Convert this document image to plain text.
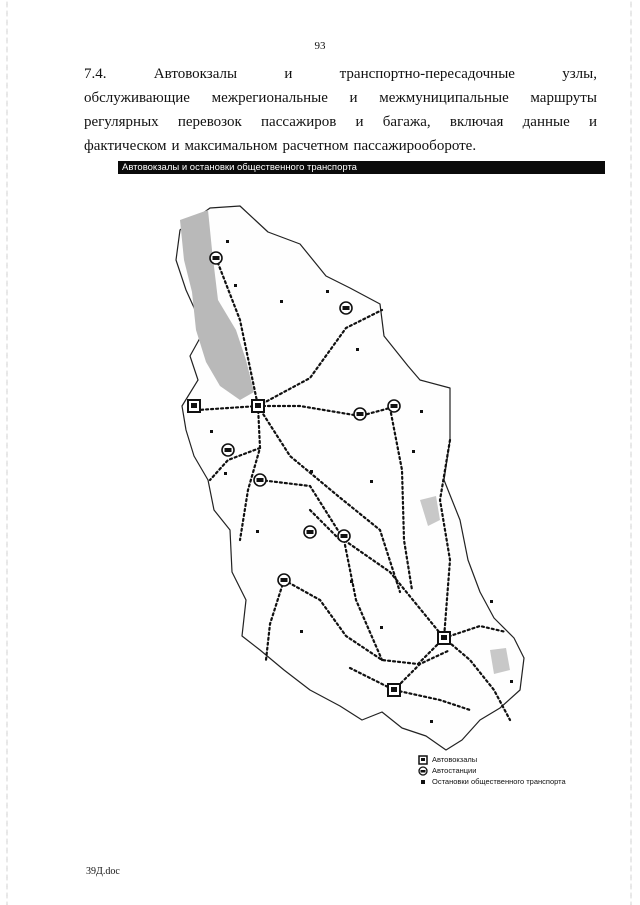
93
7.4.	Автовокзалы	и	транспортно-пересадочные	узлы,
обслуживающие межрегиональные и межмуниципальные маршруты
регулярных перевозок пассажиров и багажа, включая данные и
фактическом и максимальном расчетном пассажирообороте.
Автовокзалы и остановки общественного транспорта
Автовокзалы
Автостанции
Остановки общественного транспорта
39Д.doc
